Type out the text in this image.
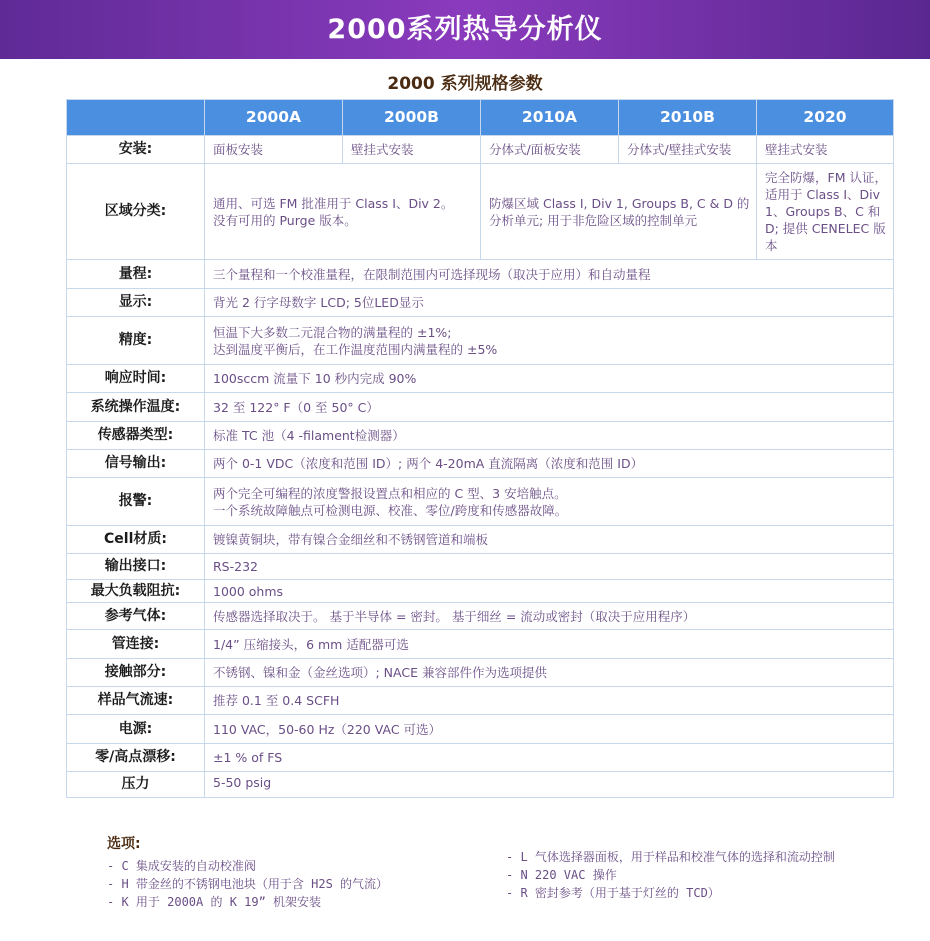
2000系列热导分析仪
2000 系列规格参数
	2000A	2000B	2010A	2010B	2020
安装:	面板安装	壁挂式安装	分体式/面板安装	分体式/壁挂式安装	壁挂式安装
区域分类:	通用、可选 FM 批准用于 Class I、Div 2。没有可用的 Purge 版本。		防爆区域 Class I, Div 1, Groups B, C & D 的分析单元; 用于非危险区域的控制单元		完全防爆，FM 认证，适用于 Class I、Div 1、Groups B、C 和 D; 提供 CENELEC 版本
量程:	三个量程和一个校准量程，在限制范围内可选择现场（取决于应用）和自动量程				
显示:	背光 2 行字母数字 LCD; 5位LED显示				
精度:	恒温下大多数二元混合物的满量程的 ±1%;
达到温度平衡后，在工作温度范围内满量程的 ±5%				

响应时间:	100sccm 流量下 10 秒内完成 90%				
系统操作温度:	32 至 122° F（0 至 50° C）				
传感器类型:	标准 TC 池（4 -filament检测器）				
信号输出:	两个 0-1 VDC（浓度和范围 ID）; 两个 4-20mA 直流隔离（浓度和范围 ID）				
报警:	两个完全可编程的浓度警报设置点和相应的 C 型、3 安培触点。
一个系统故障触点可检测电源、校准、零位/跨度和传感器故障。				

Cell材质:	镀镍黄铜块，带有镍合金细丝和不锈钢管道和端板				
输出接口:	RS-232				
最大负载阻抗:	1000 ohms				
参考气体:	传感器选择取决于。 基于半导体 = 密封。 基于细丝 = 流动或密封（取决于应用程序）				
管连接:	1/4” 压缩接头，6 mm 适配器可选				
接触部分:	不锈钢、镍和金（金丝选项）; NACE 兼容部件作为选项提供				
样品气流速:	推荐 0.1 至 0.4 SCFH				
电源:	110 VAC，50-60 Hz（220 VAC 可选）				
零/高点漂移:	±1 % of FS				
压力	5-50 psig				
选项:
- C 集成安装的自动校准阀
- H 带金丝的不锈钢电池块（用于含 H2S 的气流）
- K 用于 2000A 的 K 19” 机架安装
- L 气体选择器面板，用于样品和校准气体的选择和流动控制
- N 220 VAC 操作
- R 密封参考（用于基于灯丝的 TCD）
